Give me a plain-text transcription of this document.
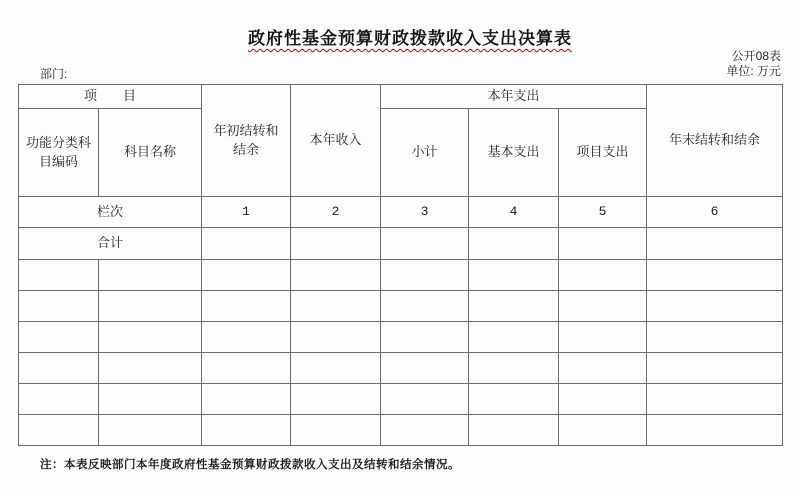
政府性基金预算财政拨款收入支出决算表
公开08表
单位: 万元
部门:
项　　目		年初结转和结余	本年收入	本年支出			年末结转和结余
功能分类科目编码	科目名称			小计	基本支出	项目支出	
栏次		1	2	3	4	5	6
合计							

注：本表反映部门本年度政府性基金预算财政拨款收入支出及结转和结余情况。
